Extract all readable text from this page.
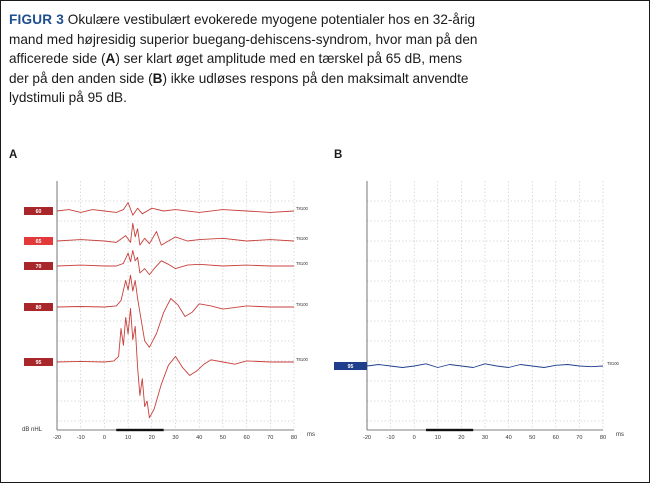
FIGUR 3 Okulære vestibulært evokerede myogene potentialer hos en 32-årig mand med højresidig superior buegang-dehiscens-syndrom, hvor man på den afficerede side (A) ser klart øget amplitude med en tærskel på 65 dB, mens der på den anden side (B) ikke udløses respons på den maksimalt anvendte lydstimuli på 95 dB.
A	B
-20	-10	0	10	20	30	40	50	60	70	80 ms
dB nHL
60
T8100
65
T8100
70
T8100
80
T8100
95
T8100
-20	-10	0	10	20	30	40	50	60	70	80 ms
95
T8100
